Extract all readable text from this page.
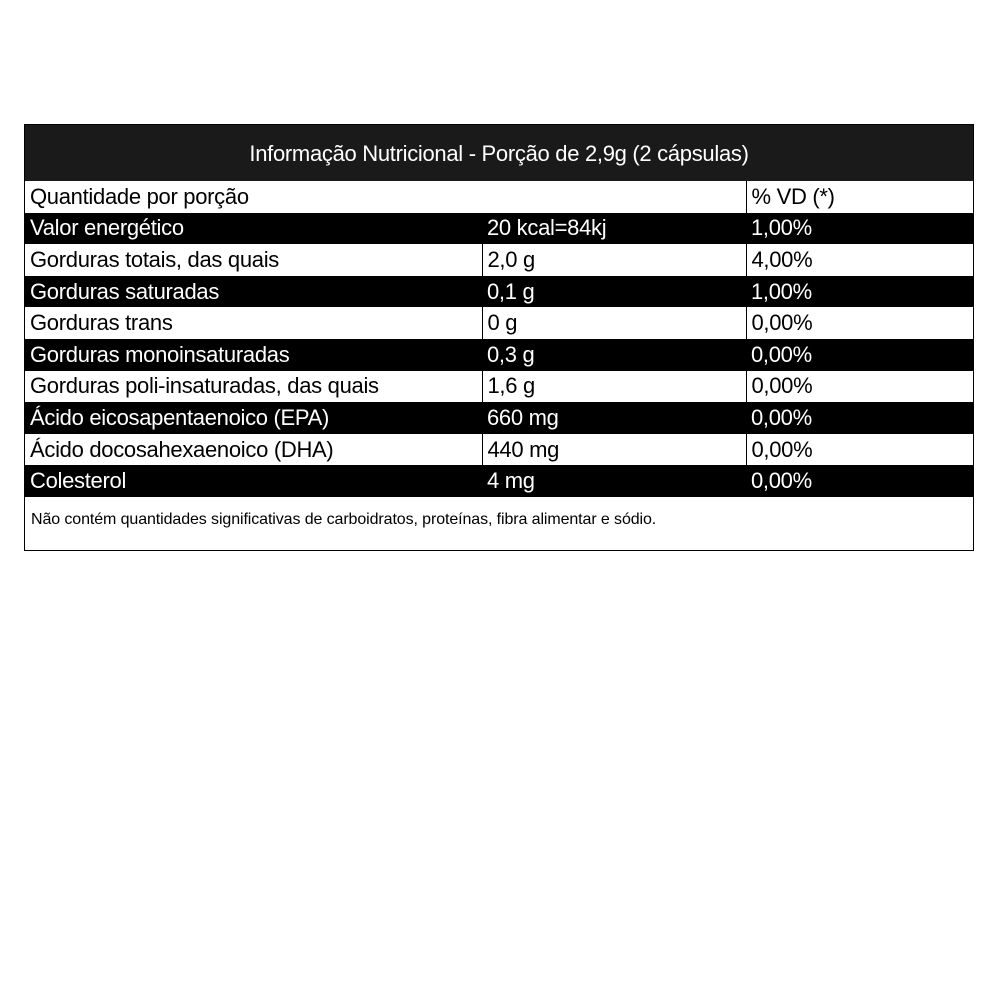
Informação Nutricional - Porção de 2,9g (2 cápsulas)
Quantidade por porção		% VD (*)
Valor energético	20 kcal=84kj	1,00%
Gorduras totais, das quais	2,0 g	4,00%
Gorduras saturadas	0,1 g	1,00%
Gorduras trans	0 g	0,00%
Gorduras monoinsaturadas	0,3 g	0,00%
Gorduras poli-insaturadas, das quais	1,6 g	0,00%
Ácido eicosapentaenoico (EPA)	660 mg	0,00%
Ácido docosahexaenoico (DHA)	440 mg	0,00%
Colesterol	4 mg	0,00%
Não contém quantidades significativas de carboidratos, proteínas, fibra alimentar e sódio.
